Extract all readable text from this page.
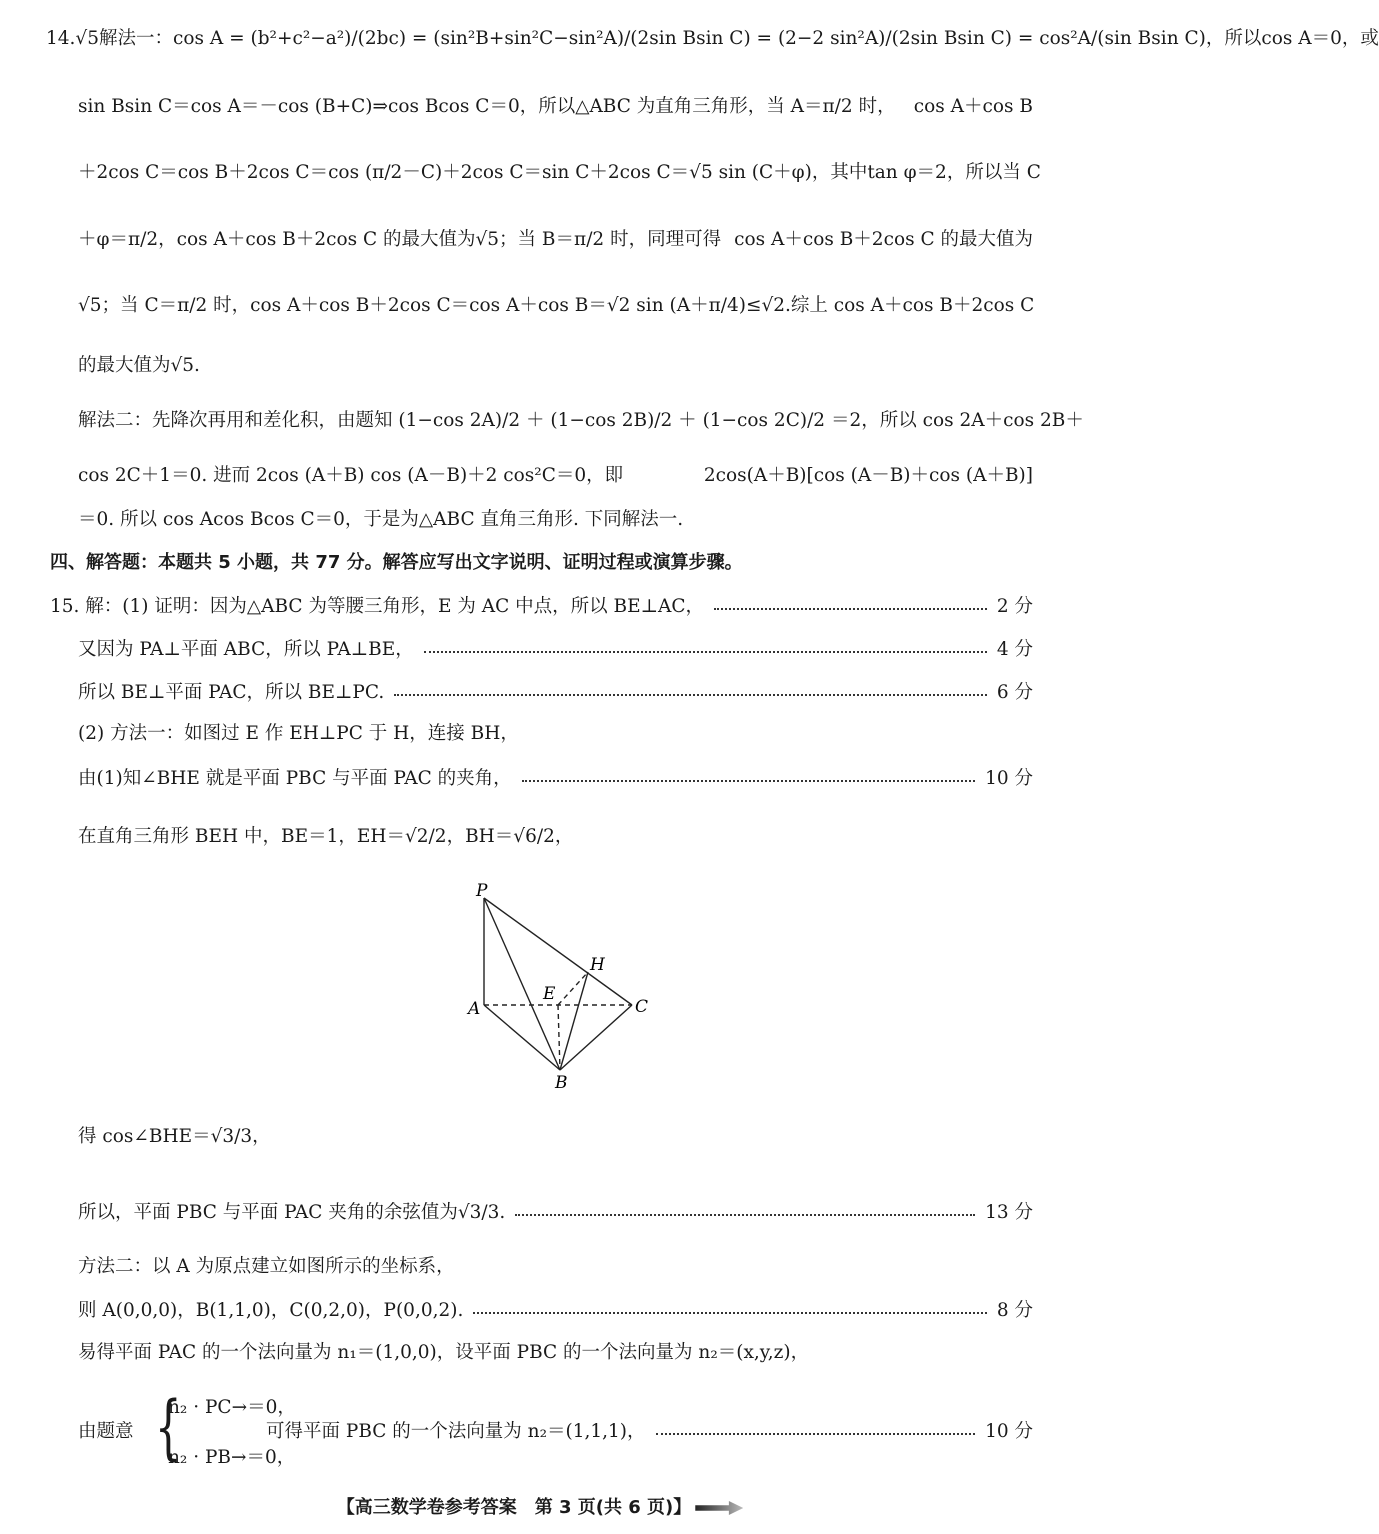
14.√5 解法一：cos A = (b²+c²−a²)/(2bc) = (sin²B+sin²C−sin²A)/(2sin Bsin C) = (2−2 sin²A)/(2sin Bsin C) = cos²A/(sin Bsin C)，所以 cos A＝0，或
sin Bsin C＝cos A＝－cos (B+C)⇒cos Bcos C＝0，所以△ABC 为直角三角形，当 A＝π/2 时， cos A＋cos B
＋2cos C＝cos B＋2cos C＝cos (π/2－C)＋2cos C＝sin C＋2cos C＝√5 sin (C＋φ)，其中 tan φ＝2，所以当 C
＋φ＝π/2，cos A＋cos B＋2cos C 的最大值为√5；当 B＝π/2 时，同理可得 cos A＋cos B＋2cos C 的最大值为
√5；当 C＝π/2 时，cos A＋cos B＋2cos C＝cos A＋cos B＝√2 sin (A＋π/4)≤√2. 综上 cos A＋cos B＋2cos C
的最大值为√5.
解法二：先降次再用和差化积，由题知 (1−cos 2A)/2 ＋ (1−cos 2B)/2 ＋ (1−cos 2C)/2 ＝2， 所以 cos 2A＋cos 2B＋
cos 2C＋1＝0. 进而 2cos (A＋B) cos (A－B)＋2 cos²C＝0，即	2cos(A＋B)[cos (A－B)＋cos (A＋B)]
＝0. 所以 cos Acos Bcos C＝0，于是为△ABC 直角三角形. 下同解法一.
四、解答题：本题共 5 小题，共 77 分。解答应写出文字说明、证明过程或演算步骤。
15. 解：(1) 证明：因为△ABC 为等腰三角形，E 为 AC 中点，所以 BE⊥AC，	2 分
又因为 PA⊥平面 ABC，所以 PA⊥BE，	4 分
所以 BE⊥平面 PAC，所以 BE⊥PC.	6 分
(2) 方法一：如图过 E 作 EH⊥PC 于 H，连接 BH，
由(1)知∠BHE 就是平面 PBC 与平面 PAC 的夹角，	10 分
在直角三角形 BEH 中，BE＝1，EH＝√2/2，BH＝√6/2，
P
H
E
A	C
B
得 cos∠BHE＝√3/3，
所以，平面 PBC 与平面 PAC 夹角的余弦值为√3/3.	13 分
方法二：以 A 为原点建立如图所示的坐标系，
则 A(0,0,0)，B(1,1,0)，C(0,2,0)，P(0,0,2).	8 分
易得平面 PAC 的一个法向量为 n₁＝(1,0,0)，设平面 PBC 的一个法向量为 n₂＝(x,y,z)，
由题意 {
n₂ · PC→＝0，
n₂ · PB→＝0，
可得平面 PBC 的一个法向量为 n₂＝(1,1,1)，	10 分
【高三数学卷参考答案　第 3 页(共 6 页)】
